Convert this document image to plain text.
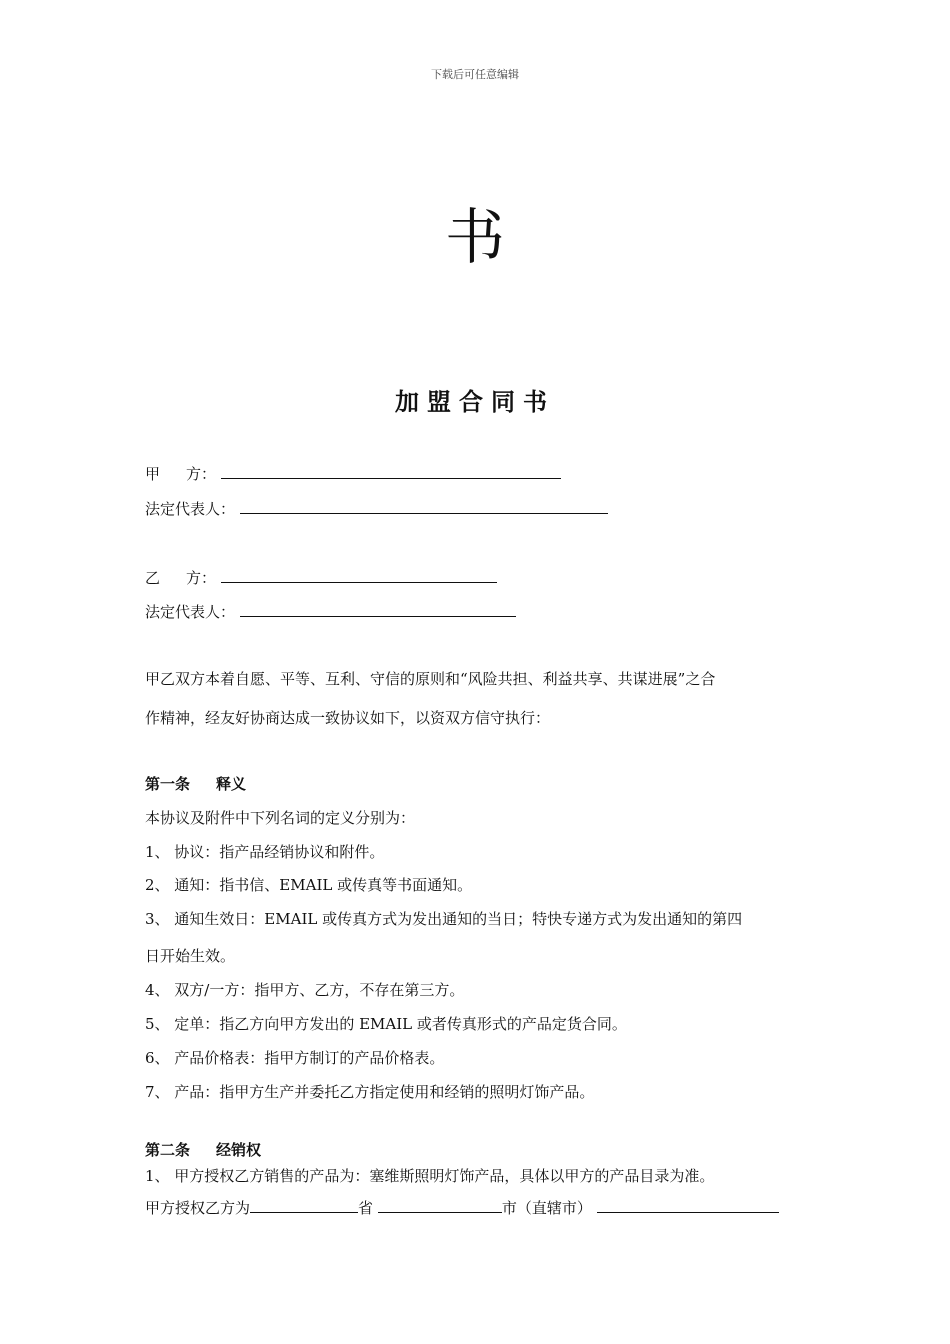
下载后可任意编辑
书
加盟合同书
甲 方：
法定代表人：
乙 方：
法定代表人：
甲乙双方本着自愿、平等、互利、守信的原则和“风险共担、利益共享、共谋进展”之合
作精神，经友好协商达成一致协议如下，以资双方信守执行：
第一条 释义
本协议及附件中下列名词的定义分别为：
1、 协议：指产品经销协议和附件。
2、 通知：指书信、EMAIL 或传真等书面通知。
3、 通知生效日：EMAIL 或传真方式为发出通知的当日；特快专递方式为发出通知的第四
日开始生效。
4、 双方/一方：指甲方、乙方，不存在第三方。
5、 定单：指乙方向甲方发出的 EMAIL 或者传真形式的产品定货合同。
6、 产品价格表：指甲方制订的产品价格表。
7、 产品：指甲方生产并委托乙方指定使用和经销的照明灯饰产品。
第二条 经销权
1、 甲方授权乙方销售的产品为：塞维斯照明灯饰产品，具体以甲方的产品目录为准。
甲方授权乙方为	省	市（直辖市）
